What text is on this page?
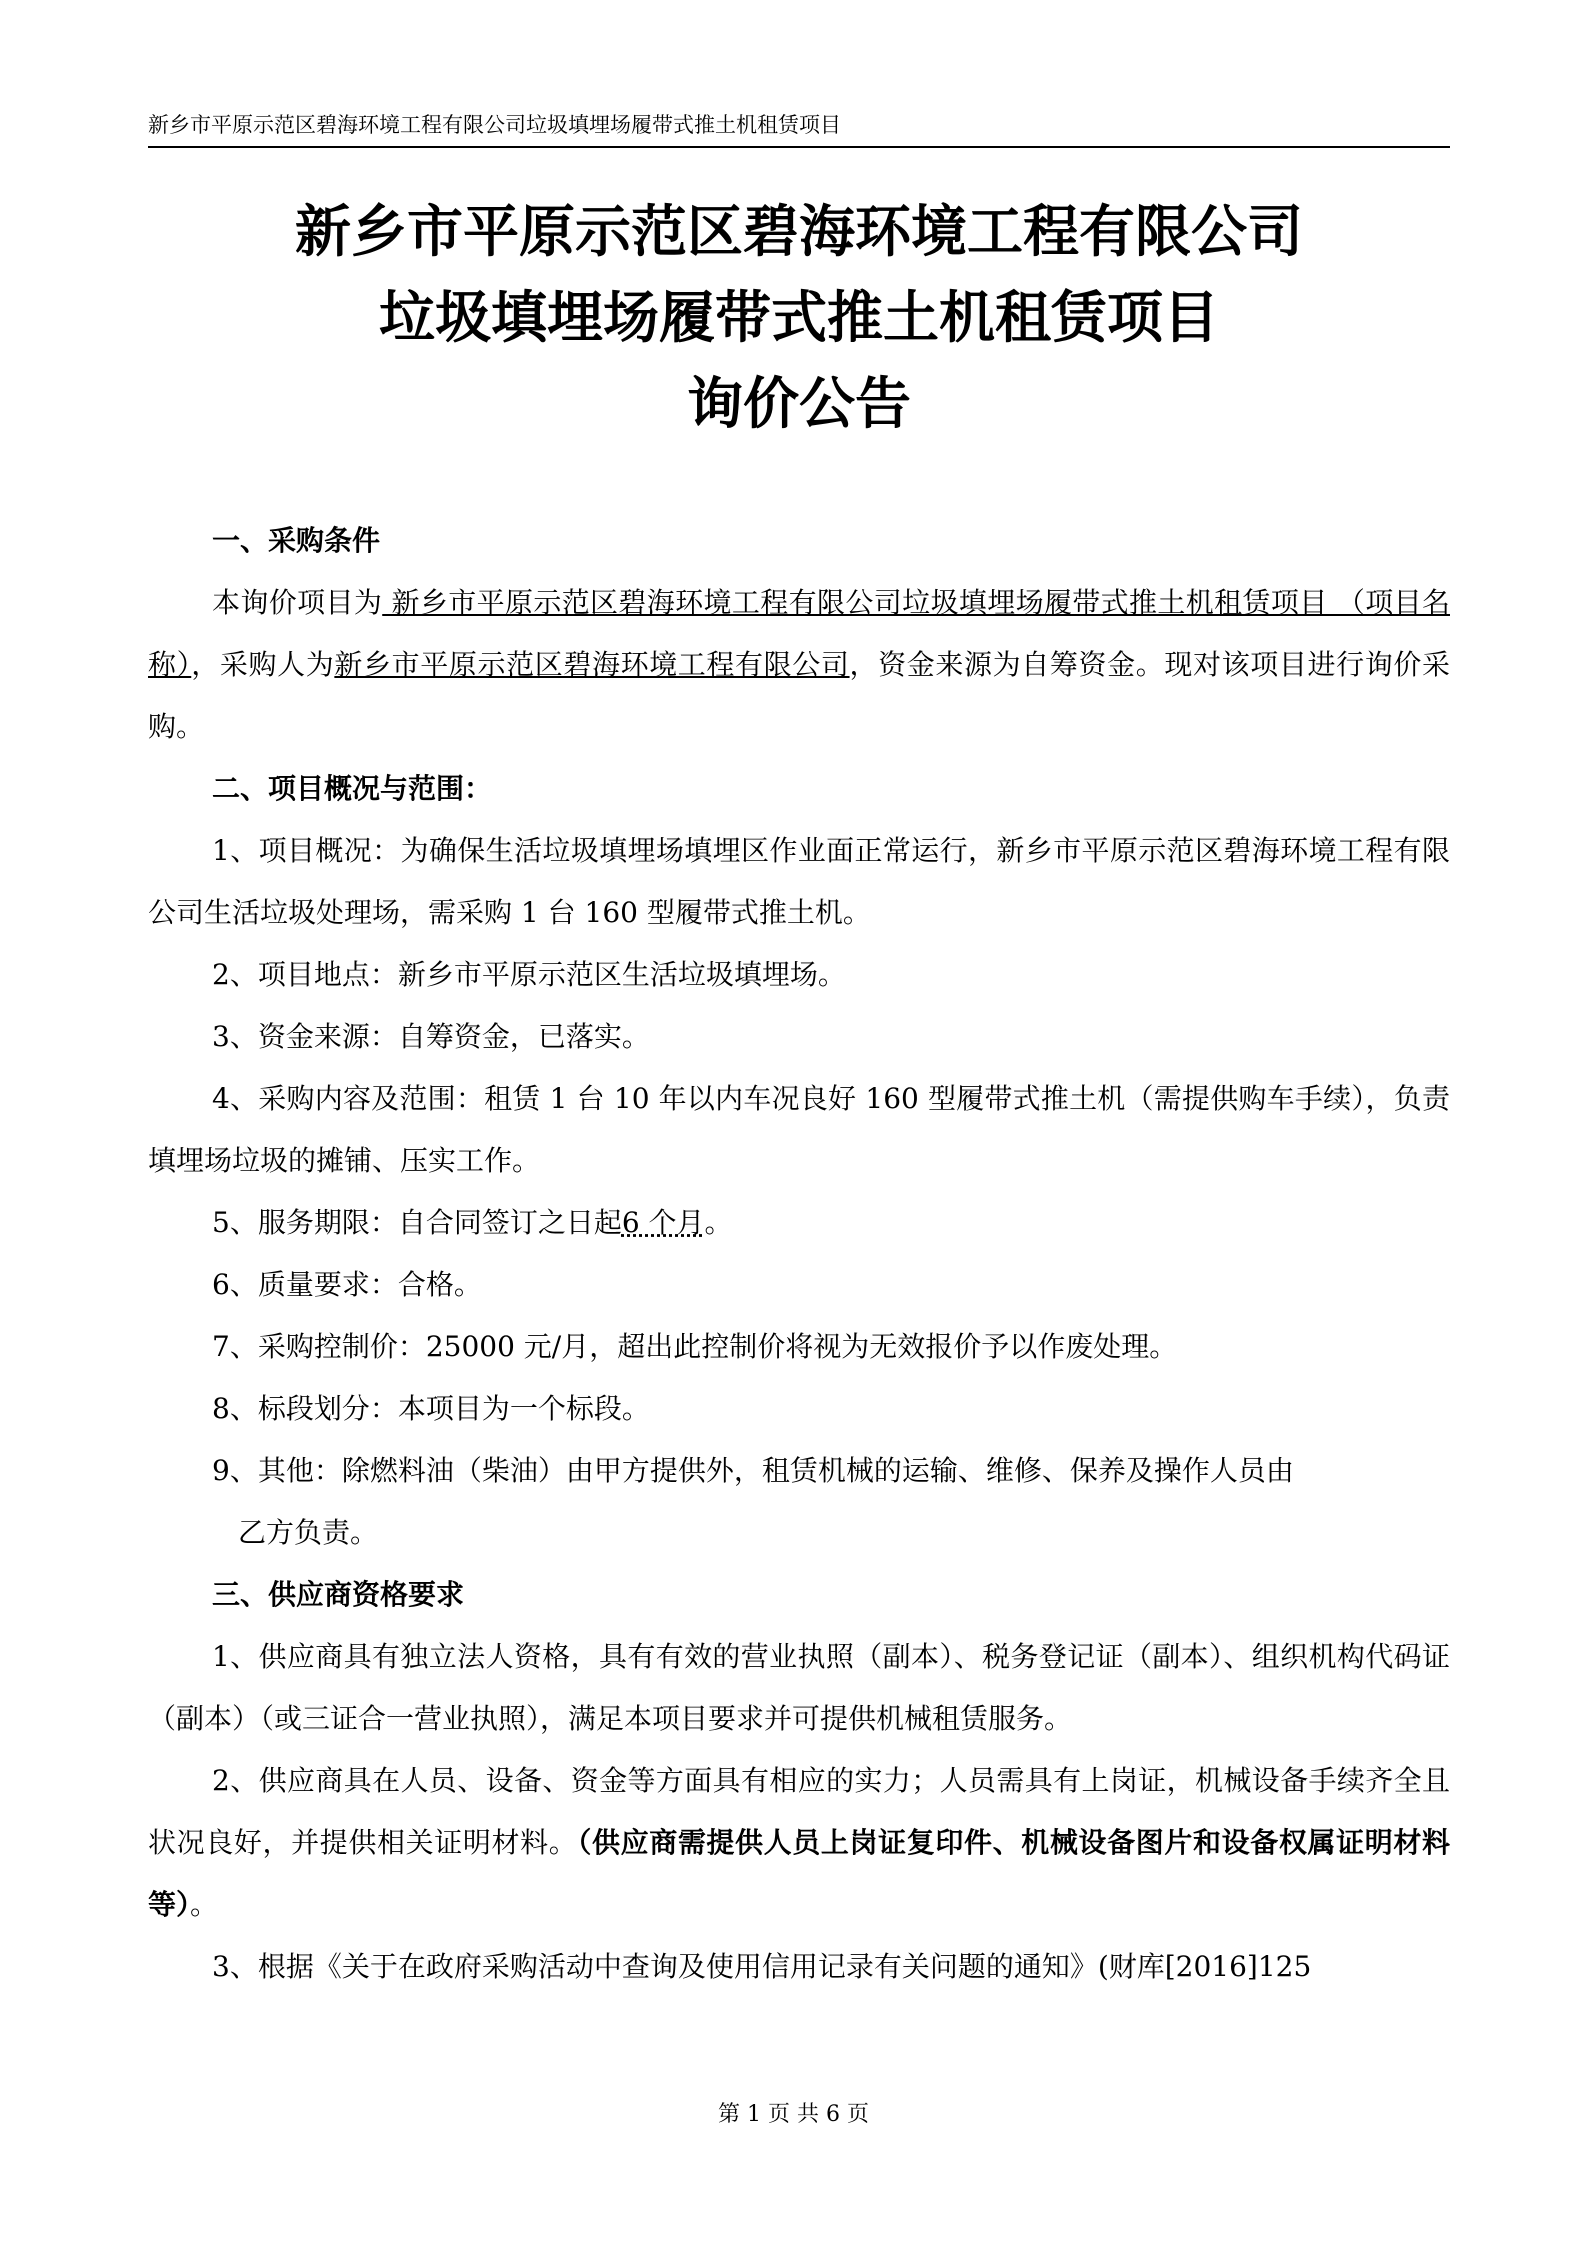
新乡市平原示范区碧海环境工程有限公司垃圾填埋场履带式推土机租赁项目
新乡市平原示范区碧海环境工程有限公司
垃圾填埋场履带式推土机租赁项目
询价公告

一、采购条件

本询价项目为 新乡市平原示范区碧海环境工程有限公司垃圾填埋场履带式推土机租赁项目 （项目名称），采购人为新乡市平原示范区碧海环境工程有限公司，资金来源为自筹资金。现对该项目进行询价采购。

二、项目概况与范围：

1、项目概况：为确保生活垃圾填埋场填埋区作业面正常运行，新乡市平原示范区碧海环境工程有限公司生活垃圾处理场，需采购 1 台 160 型履带式推土机。

2、项目地点：新乡市平原示范区生活垃圾填埋场。

3、资金来源：自筹资金，已落实。

4、采购内容及范围：租赁 1 台 10 年以内车况良好 160 型履带式推土机（需提供购车手续），负责填埋场垃圾的摊铺、压实工作。

5、服务期限：自合同签订之日起6 个月。

6、质量要求：合格。

7、采购控制价：25000 元/月，超出此控制价将视为无效报价予以作废处理。

8、标段划分：本项目为一个标段。

9、其他：除燃料油（柴油）由甲方提供外，租赁机械的运输、维修、保养及操作人员由

乙方负责。

三、供应商资格要求

1、供应商具有独立法人资格，具有有效的营业执照（副本）、税务登记证（副本）、组织机构代码证（副本）（或三证合一营业执照），满足本项目要求并可提供机械租赁服务。

2、供应商具在人员、设备、资金等方面具有相应的实力；人员需具有上岗证，机械设备手续齐全且状况良好，并提供相关证明材料。（供应商需提供人员上岗证复印件、机械设备图片和设备权属证明材料等）。

3、根据《关于在政府采购活动中查询及使用信用记录有关问题的通知》(财库[2016]125

第 1 页 共 6 页
